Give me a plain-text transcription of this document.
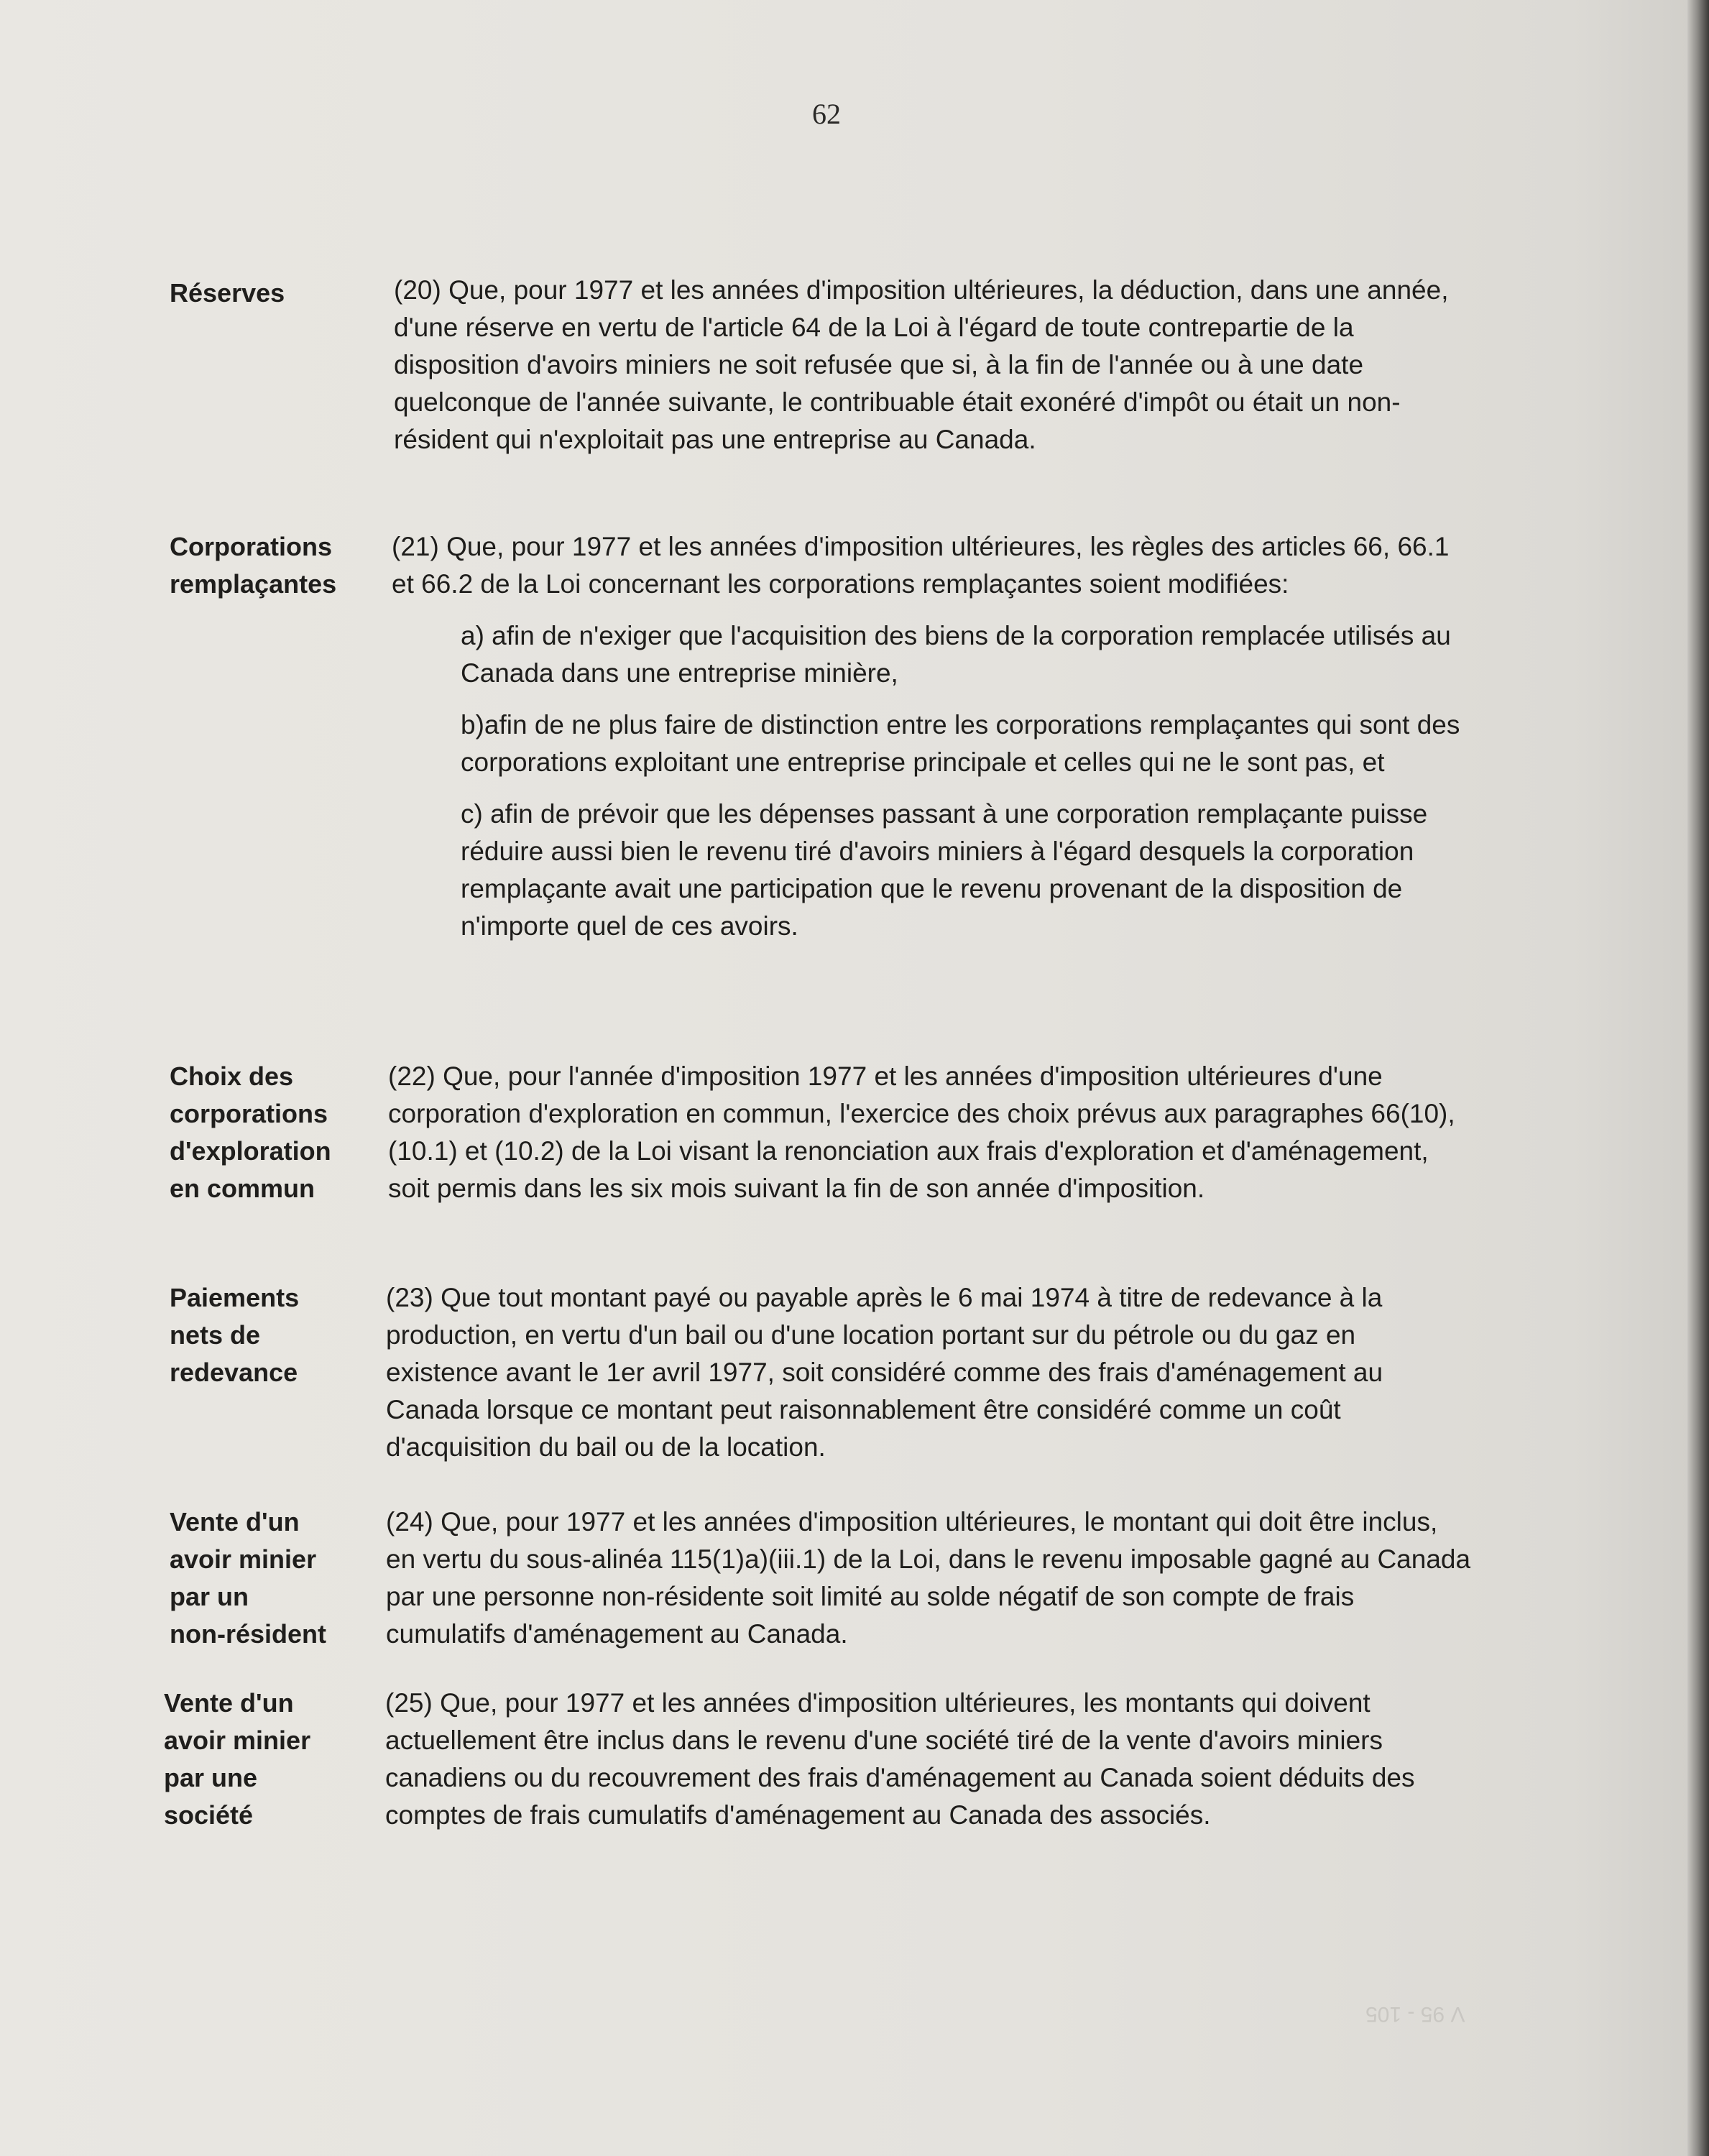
62
Réserves	(20) Que, pour 1977 et les années d'imposition ultérieures, la déduction, dans une année, d'une réserve en vertu de l'article 64 de la Loi à l'égard de toute contrepartie de la disposition d'avoirs miniers ne soit refusée que si, à la fin de l'année ou à une date quelconque de l'année suivante, le contribuable était exonéré d'impôt ou était un non-résident qui n'exploitait pas une entreprise au Canada.

Corporations
remplaçantes

(21) Que, pour 1977 et les années d'imposition ultérieures, les règles des articles 66, 66.1 et 66.2 de la Loi concernant les corporations remplaçantes soient modifiées:

a) afin de n'exiger que l'acquisition des biens de la corporation remplacée utilisés au Canada dans une entreprise minière,

b)afin de ne plus faire de distinction entre les corporations remplaçantes qui sont des corporations exploitant une entreprise principale et celles qui ne le sont pas, et

c) afin de prévoir que les dépenses passant à une corporation remplaçante puisse réduire aussi bien le revenu tiré d'avoirs miniers à l'égard desquels la corporation remplaçante avait une participation que le revenu provenant de la disposition de n'importe quel de ces avoirs.

Choix des
corporations
d'exploration
en commun

(22) Que, pour l'année d'imposition 1977 et les années d'imposition ultérieures d'une corporation d'exploration en commun, l'exercice des choix prévus aux paragraphes 66(10), (10.1) et (10.2) de la Loi visant la renonciation aux frais d'exploration et d'aménagement, soit permis dans les six mois suivant la fin de son année d'imposition.

Paiements
nets de
redevance

(23) Que tout montant payé ou payable après le 6 mai 1974 à titre de redevance à la production, en vertu d'un bail ou d'une location portant sur du pétrole ou du gaz en existence avant le 1er avril 1977, soit considéré comme des frais d'aménagement au Canada lorsque ce montant peut raisonnablement être considéré comme un coût d'acquisition du bail ou de la location.

Vente d'un
avoir minier
par un
non-résident

(24) Que, pour 1977 et les années d'imposition ultérieures, le montant qui doit être inclus, en vertu du sous-alinéa 115(1)a)(iii.1) de la Loi, dans le revenu imposable gagné au Canada par une personne non-résidente soit limité au solde négatif de son compte de frais cumulatifs d'aménagement au Canada.

Vente d'un
avoir minier
par une
société

(25) Que, pour 1977 et les années d'imposition ultérieures, les montants qui doivent actuellement être inclus dans le revenu d'une société tiré de la vente d'avoirs miniers canadiens ou du recouvrement des frais d'aménagement au Canada soient déduits des comptes de frais cumulatifs d'aménagement au Canada des associés.

V 95 - 105
